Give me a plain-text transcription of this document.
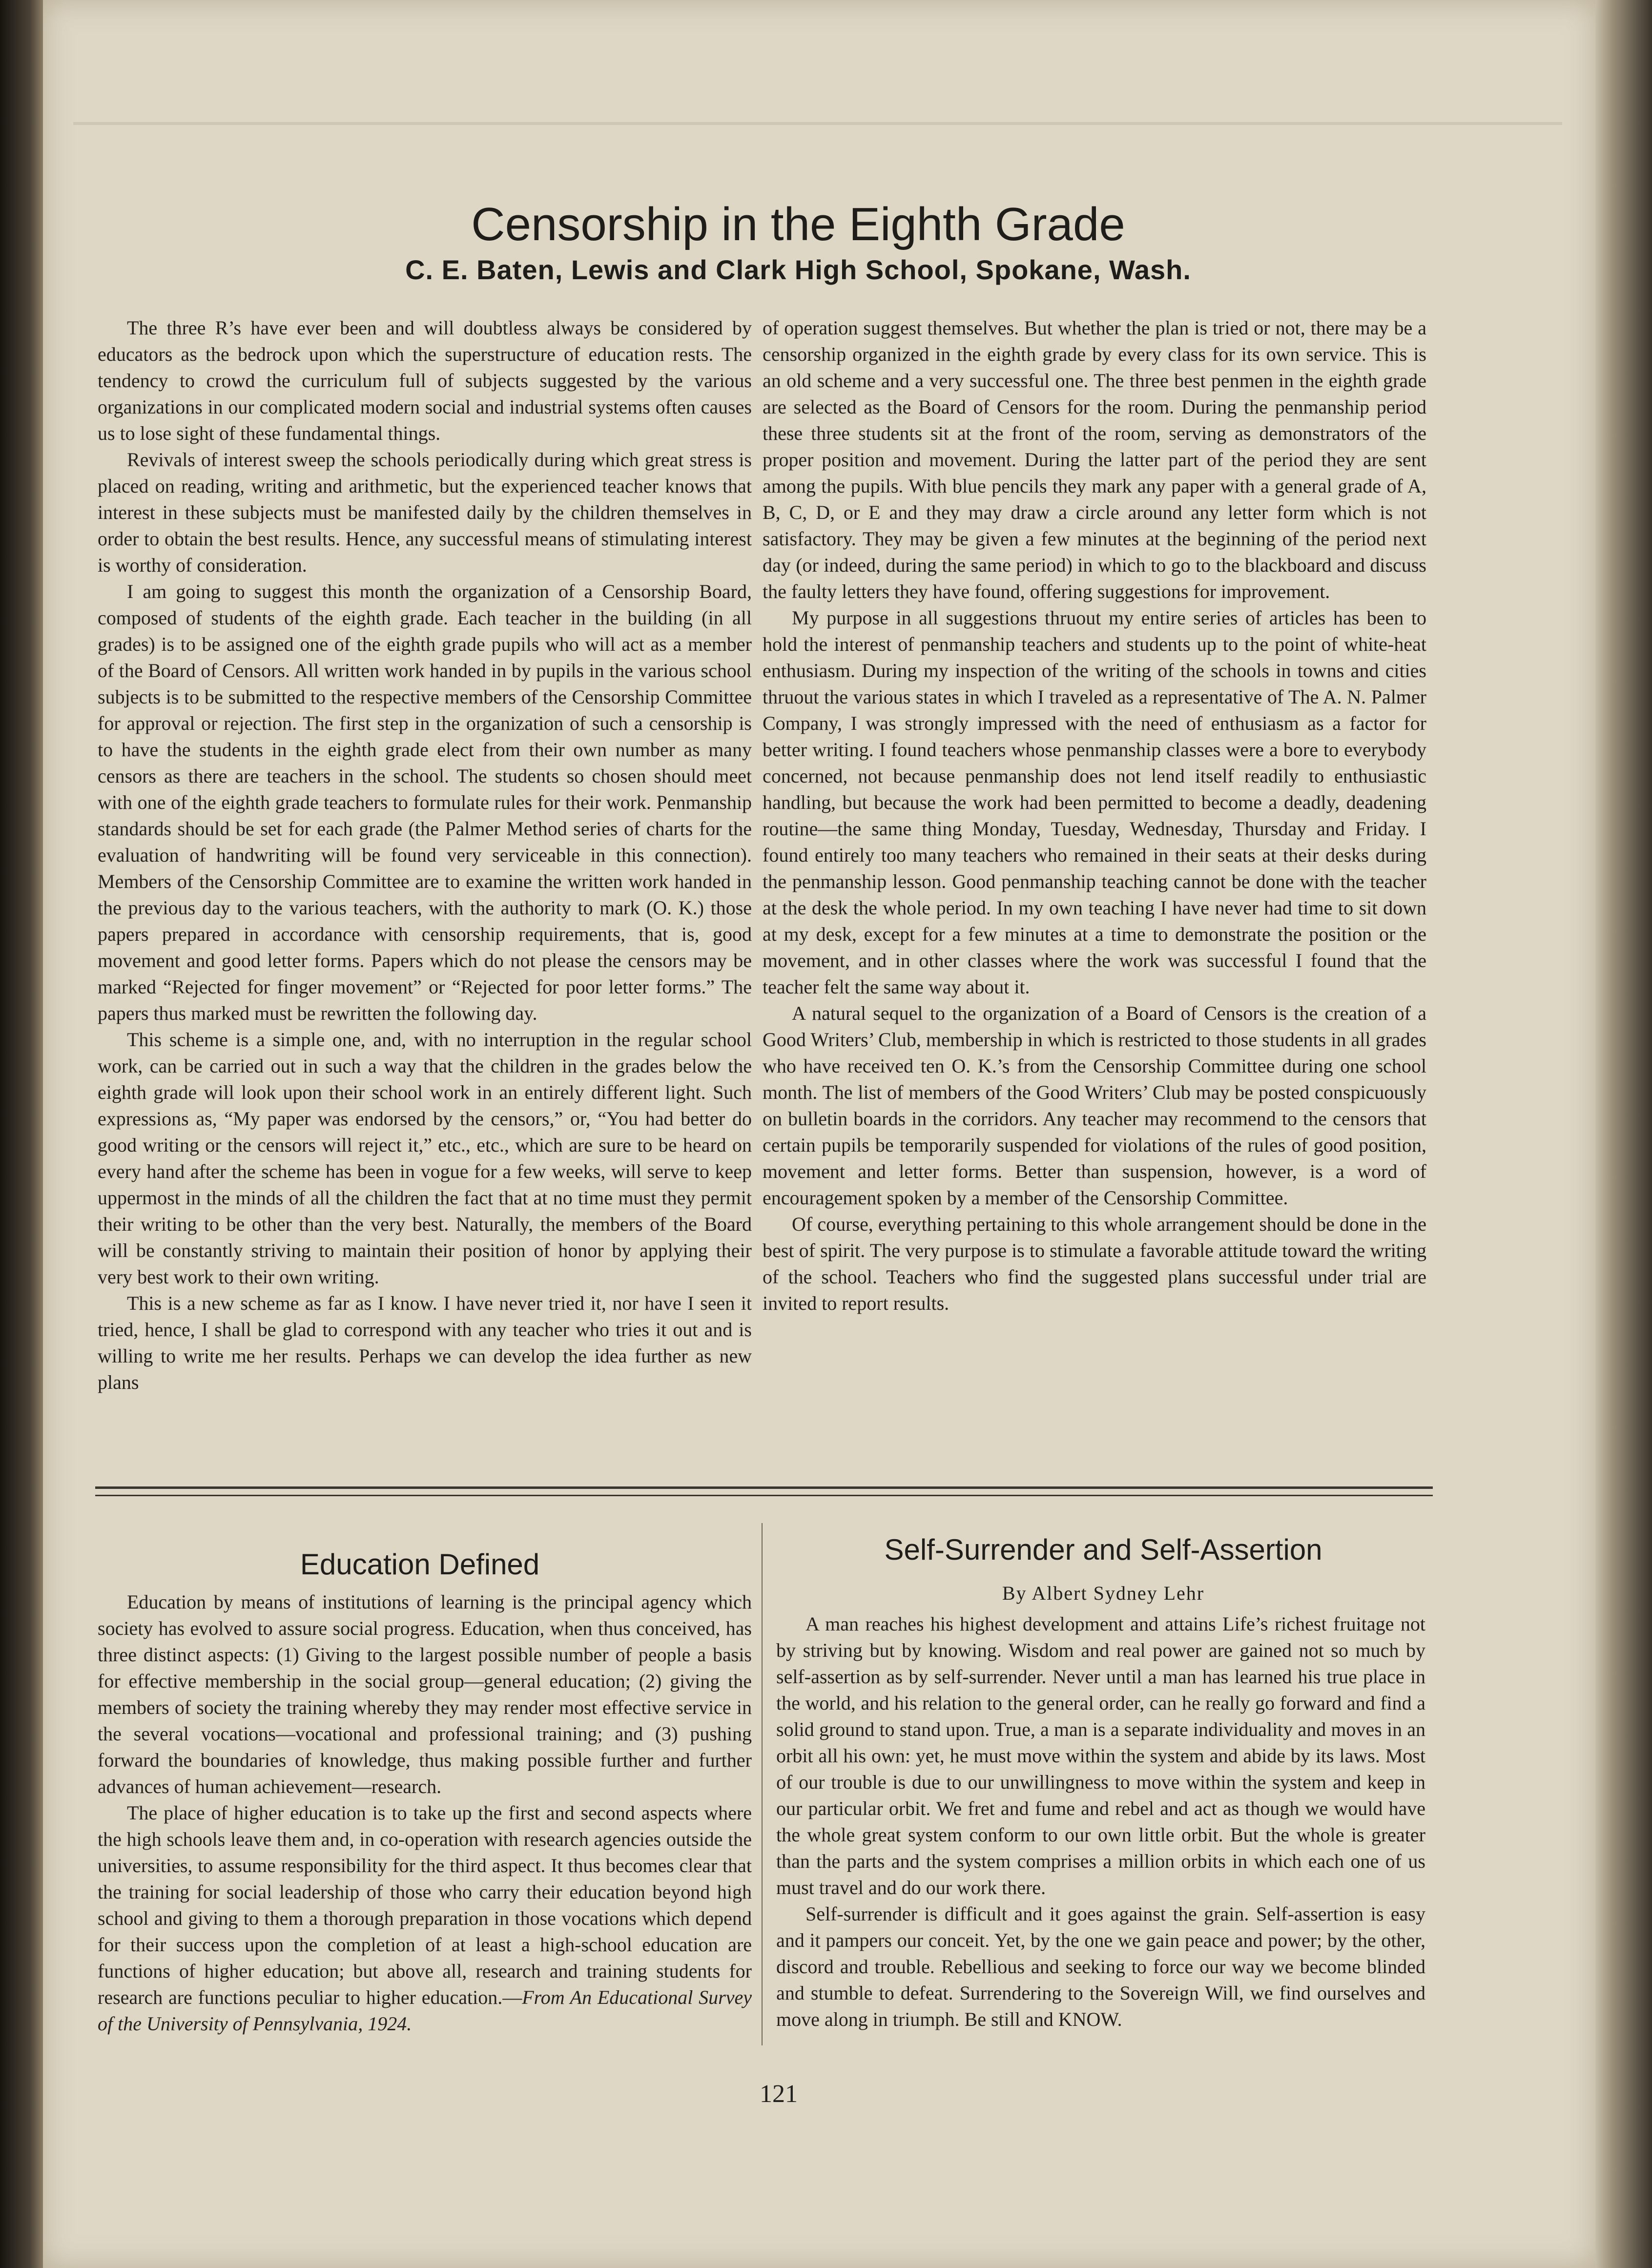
Censorship in the Eighth Grade

C. E. Baten, Lewis and Clark High School, Spokane, Wash.

The three R’s have ever been and will doubtless always be considered by educators as the bedrock upon which the superstructure of education rests. The tendency to crowd the curriculum full of subjects suggested by the various organizations in our complicated modern social and industrial systems often causes us to lose sight of these fundamental things.

Revivals of interest sweep the schools periodically during which great stress is placed on reading, writing and arithmetic, but the experienced teacher knows that interest in these subjects must be manifested daily by the children themselves in order to obtain the best results. Hence, any successful means of stimulating interest is worthy of consideration.

I am going to suggest this month the organization of a Censorship Board, composed of students of the eighth grade. Each teacher in the building (in all grades) is to be assigned one of the eighth grade pupils who will act as a member of the Board of Censors. All written work handed in by pupils in the various school subjects is to be submitted to the respective members of the Censorship Committee for approval or rejection. The first step in the organization of such a censorship is to have the students in the eighth grade elect from their own number as many censors as there are teachers in the school. The students so chosen should meet with one of the eighth grade teachers to formulate rules for their work. Penmanship standards should be set for each grade (the Palmer Method series of charts for the evaluation of handwriting will be found very serviceable in this connection). Members of the Censorship Committee are to examine the written work handed in the previous day to the various teachers, with the authority to mark (O. K.) those papers prepared in accordance with censorship requirements, that is, good movement and good letter forms. Papers which do not please the censors may be marked “Rejected for finger movement” or “Rejected for poor letter forms.” The papers thus marked must be rewritten the following day.

This scheme is a simple one, and, with no interruption in the regular school work, can be carried out in such a way that the children in the grades below the eighth grade will look upon their school work in an entirely different light. Such expressions as, “My paper was endorsed by the censors,” or, “You had better do good writing or the censors will reject it,” etc., etc., which are sure to be heard on every hand after the scheme has been in vogue for a few weeks, will serve to keep uppermost in the minds of all the children the fact that at no time must they permit their writing to be other than the very best. Naturally, the members of the Board will be constantly striving to maintain their position of honor by applying their very best work to their own writing.

This is a new scheme as far as I know. I have never tried it, nor have I seen it tried, hence, I shall be glad to correspond with any teacher who tries it out and is willing to write me her results. Perhaps we can develop the idea further as new plans

of operation suggest themselves. But whether the plan is tried or not, there may be a censorship organized in the eighth grade by every class for its own service. This is an old scheme and a very successful one. The three best penmen in the eighth grade are selected as the Board of Censors for the room. During the penmanship period these three students sit at the front of the room, serving as demonstrators of the proper position and movement. During the latter part of the period they are sent among the pupils. With blue pencils they mark any paper with a general grade of A, B, C, D, or E and they may draw a circle around any letter form which is not satisfactory. They may be given a few minutes at the beginning of the period next day (or indeed, during the same period) in which to go to the blackboard and discuss the faulty letters they have found, offering suggestions for improvement.

My purpose in all suggestions thruout my entire series of articles has been to hold the interest of penmanship teachers and students up to the point of white-heat enthusiasm. During my inspection of the writing of the schools in towns and cities thruout the various states in which I traveled as a representative of The A. N. Palmer Company, I was strongly impressed with the need of enthusiasm as a factor for better writing. I found teachers whose penmanship classes were a bore to everybody concerned, not because penmanship does not lend itself readily to enthusiastic handling, but because the work had been permitted to become a deadly, deadening routine—the same thing Monday, Tuesday, Wednesday, Thursday and Friday. I found entirely too many teachers who remained in their seats at their desks during the penmanship lesson. Good penmanship teaching cannot be done with the teacher at the desk the whole period. In my own teaching I have never had time to sit down at my desk, except for a few minutes at a time to demonstrate the position or the movement, and in other classes where the work was successful I found that the teacher felt the same way about it.

A natural sequel to the organization of a Board of Censors is the creation of a Good Writers’ Club, membership in which is restricted to those students in all grades who have received ten O. K.’s from the Censorship Committee during one school month. The list of members of the Good Writers’ Club may be posted conspicuously on bulletin boards in the corridors. Any teacher may recommend to the censors that certain pupils be temporarily suspended for violations of the rules of good position, movement and letter forms. Better than suspension, however, is a word of encouragement spoken by a member of the Censorship Committee.

Of course, everything pertaining to this whole arrangement should be done in the best of spirit. The very purpose is to stimulate a favorable attitude toward the writing of the school. Teachers who find the suggested plans successful under trial are invited to report results.

Education Defined

Education by means of institutions of learning is the principal agency which society has evolved to assure social progress. Education, when thus conceived, has three distinct aspects: (1) Giving to the largest possible number of people a basis for effective membership in the social group—general education; (2) giving the members of society the training whereby they may render most effective service in the several vocations—vocational and professional training; and (3) pushing forward the boundaries of knowledge, thus making possible further and further advances of human achievement—research.

The place of higher education is to take up the first and second aspects where the high schools leave them and, in co-operation with research agencies outside the universities, to assume responsibility for the third aspect. It thus becomes clear that the training for social leadership of those who carry their education beyond high school and giving to them a thorough preparation in those vocations which depend for their success upon the completion of at least a high-school education are functions of higher education; but above all, research and training students for research are functions peculiar to higher education.—From An Educational Survey of the University of Pennsylvania, 1924.

Self-Surrender and Self-Assertion

By Albert Sydney Lehr

A man reaches his highest development and attains Life’s richest fruitage not by striving but by knowing. Wisdom and real power are gained not so much by self-assertion as by self-surrender. Never until a man has learned his true place in the world, and his relation to the general order, can he really go forward and find a solid ground to stand upon. True, a man is a separate individuality and moves in an orbit all his own: yet, he must move within the system and abide by its laws. Most of our trouble is due to our unwillingness to move within the system and keep in our particular orbit. We fret and fume and rebel and act as though we would have the whole great system conform to our own little orbit. But the whole is greater than the parts and the system comprises a million orbits in which each one of us must travel and do our work there.

Self-surrender is difficult and it goes against the grain. Self-assertion is easy and it pampers our conceit. Yet, by the one we gain peace and power; by the other, discord and trouble. Rebellious and seeking to force our way we become blinded and stumble to defeat. Surrendering to the Sovereign Will, we find ourselves and move along in triumph. Be still and KNOW.

121
